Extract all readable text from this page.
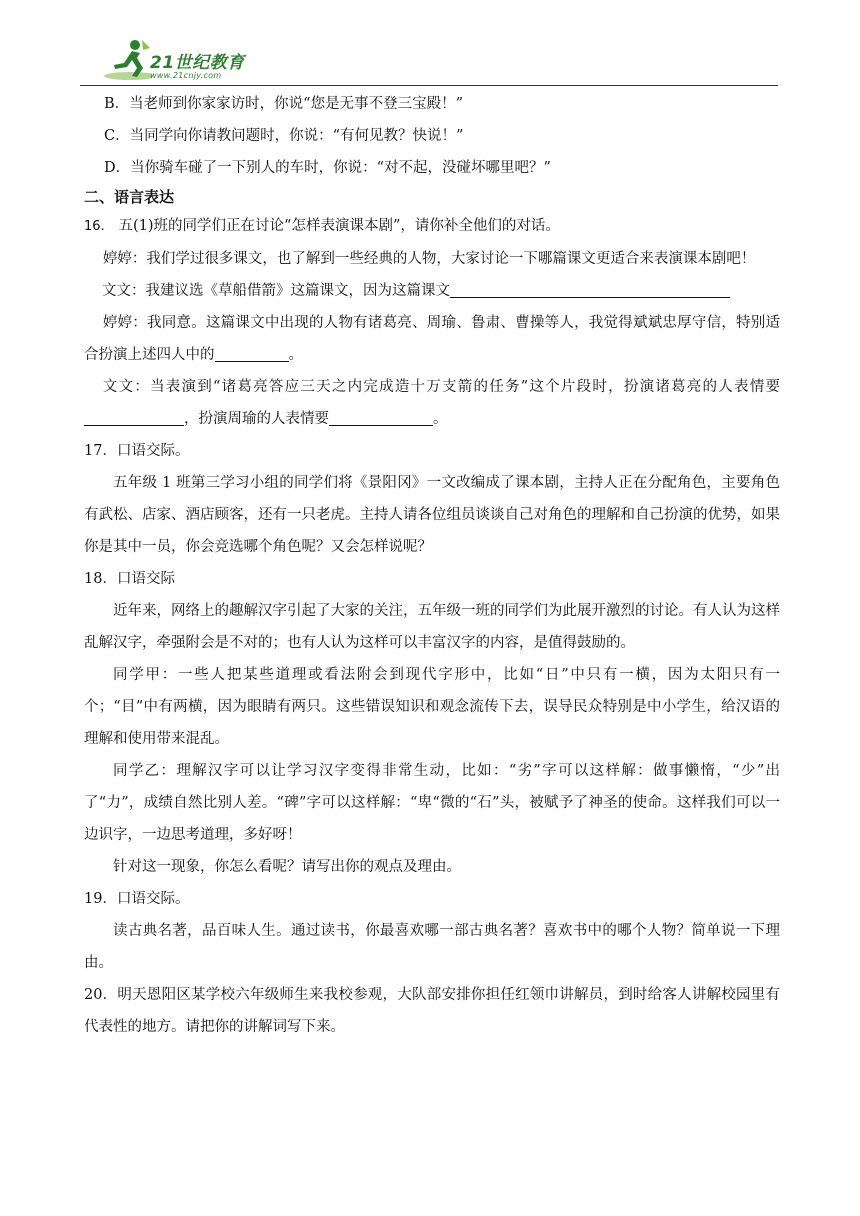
21世纪教育
www.21cnjy.com
B．当老师到你家家访时，你说“您是无事不登三宝殿！”
C．当同学向你请教问题时，你说：“有何见教？快说！”
D．当你骑车碰了一下别人的车时，你说：“对不起，没碰坏哪里吧？”
二、语言表达
16. 五(1)班的同学们正在讨论“怎样表演课本剧”，请你补全他们的对话。
婷婷：我们学过很多课文，也了解到一些经典的人物，大家讨论一下哪篇课文更适合来表演课本剧吧！
文文：我建议选《草船借箭》这篇课文，因为这篇课文
婷婷：我同意。这篇课文中出现的人物有诸葛亮、周瑜、鲁肃、曹操等人，我觉得斌斌忠厚守信，特别适合扮演上述四人中的	。
文文：当表演到“诸葛亮答应三天之内完成造十万支箭的任务”这个片段时，扮演诸葛亮的人表情要，扮演周瑜的人表情要	。
17．口语交际。
五年级 1 班第三学习小组的同学们将《景阳冈》一文改编成了课本剧，主持人正在分配角色，主要角色有武松、店家、酒店顾客，还有一只老虎。主持人请各位组员谈谈自己对角色的理解和自己扮演的优势，如果你是其中一员，你会竞选哪个角色呢？又会怎样说呢？
18．口语交际
近年来，网络上的趣解汉字引起了大家的关注，五年级一班的同学们为此展开激烈的讨论。有人认为这样乱解汉字，牵强附会是不对的；也有人认为这样可以丰富汉字的内容，是值得鼓励的。
同学甲：一些人把某些道理或看法附会到现代字形中，比如“日”中只有一横，因为太阳只有一个；“目”中有两横，因为眼睛有两只。这些错误知识和观念流传下去，误导民众特别是中小学生，给汉语的理解和使用带来混乱。
同学乙：理解汉字可以让学习汉字变得非常生动，比如：“劣”字可以这样解：做事懒惰，“少”出了“力”，成绩自然比别人差。“碑”字可以这样解：“卑“微的“石”头，被赋予了神圣的使命。这样我们可以一边识字，一边思考道理，多好呀！
针对这一现象，你怎么看呢？请写出你的观点及理由。
19．口语交际。
读古典名著，品百味人生。通过读书，你最喜欢哪一部古典名著？喜欢书中的哪个人物？简单说一下理由。
20．明天恩阳区某学校六年级师生来我校参观，大队部安排你担任红领巾讲解员，到时给客人讲解校园里有代表性的地方。请把你的讲解词写下来。
